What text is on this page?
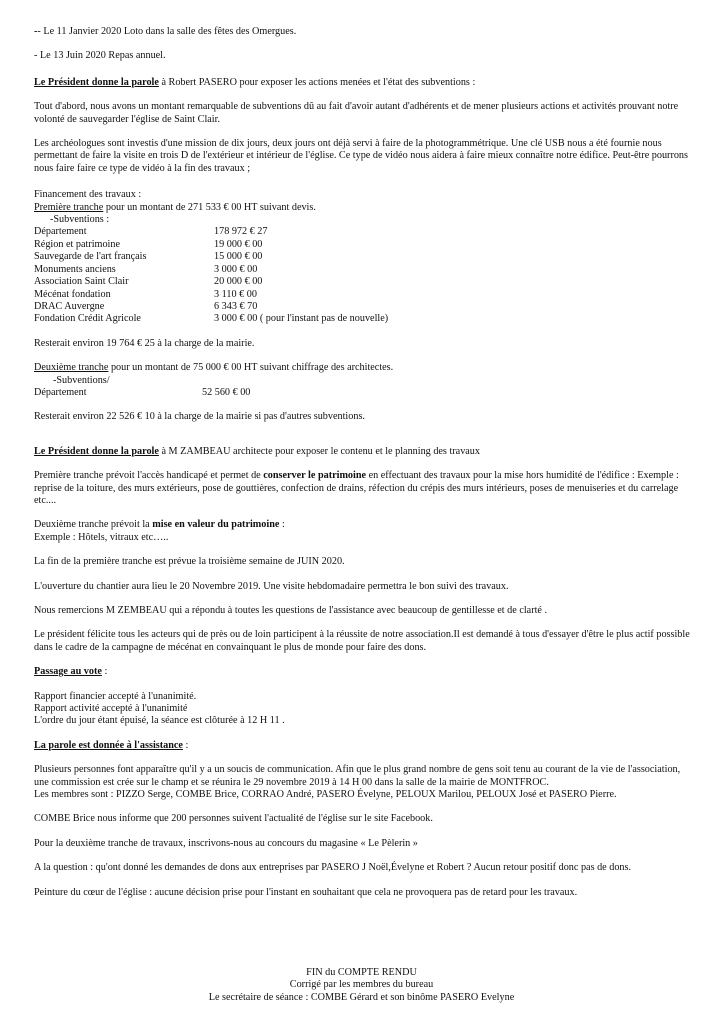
-- Le 11 Janvier 2020 Loto dans la salle des fêtes des Omergues.

- Le 13 Juin 2020 Repas annuel.

Le Président donne la parole à Robert PASERO pour exposer les actions menées et l'état des subventions :

Tout d'abord, nous avons un montant remarquable de subventions dû au fait d'avoir autant d'adhérents et de mener plusieurs actions et activités prouvant notre volonté de sauvegarder l'église de Saint Clair.

Les archéologues sont investis d'une mission de dix jours, deux jours ont déjà servi à faire de la photogrammétrique. Une clé USB nous a été fournie nous permettant de faire la visite en trois D de l'extérieur et intérieur de l'église. Ce type de vidéo nous aidera à faire mieux connaître notre édifice. Peut-être pourrons nous faire faire ce type de vidéo à la fin des travaux ;

Financement des travaux :

Première tranche pour un montant de 271 533 € 00 HT suivant devis.

-Subventions :

Département	178 972 € 27
Région et patrimoine	19 000 € 00
Sauvegarde de l'art français	15 000 € 00
Monuments anciens	3 000 € 00
Association Saint Clair	20 000 € 00
Mécénat fondation	3 110 € 00
DRAC Auvergne	6 343 € 70
Fondation Crédit Agricole	3 000 € 00 ( pour l'instant pas de nouvelle)

Resterait environ 19 764 € 25 à la charge de la mairie.

Deuxième tranche pour un montant de 75 000 € 00 HT suivant chiffrage des architectes.

-Subventions/

Département	52 560 € 00

Resterait environ 22 526 € 10 à la charge de la mairie si pas d'autres subventions.

Le Président donne la parole à M ZAMBEAU architecte pour exposer le contenu et le planning des travaux

Première tranche prévoit l'accès handicapé et permet de conserver le patrimoine en effectuant des travaux pour la mise hors humidité de l'édifice : Exemple : reprise de la toiture, des murs extérieurs, pose de gouttières, confection de drains, réfection du crépis des murs intérieurs, poses de menuiseries et du carrelage etc....

Deuxième tranche prévoit la mise en valeur du patrimoine :

Exemple : Hôtels, vitraux etc…..

La fin de la première tranche est prévue la troisième semaine de JUIN 2020.

L'ouverture du chantier aura lieu le 20 Novembre 2019. Une visite hebdomadaire permettra le bon suivi des travaux.

Nous remercions M ZEMBEAU qui a répondu à toutes les questions de l'assistance avec beaucoup de gentillesse et de clarté .

Le président félicite tous les acteurs qui de près ou de loin participent à la réussite de notre association.Il est demandé à tous d'essayer d'être le plus actif possible dans le cadre de la campagne de mécénat en convainquant le plus de monde pour faire des dons.

Passage au vote :

Rapport financier accepté à l'unanimité.

Rapport activité accepté à l'unanimité

L'ordre du jour étant épuisé, la séance est clôturée à 12 H 11 .

La parole est donnée à l'assistance :

Plusieurs personnes font apparaître qu'il y a un soucis de communication. Afin que le plus grand nombre de gens soit tenu au courant de la vie de l'association, une commission est crée sur le champ et se réunira le 29 novembre 2019 à 14 H 00 dans la salle de la mairie de MONTFROC.

Les membres sont : PIZZO Serge, COMBE Brice, CORRAO André, PASERO Évelyne, PELOUX Marilou, PELOUX José et PASERO Pierre.

COMBE Brice nous informe que 200 personnes suivent l'actualité de l'église sur le site Facebook.

Pour la deuxième tranche de travaux, inscrivons-nous au concours du magasine « Le Pèlerin »

A la question : qu'ont donné les demandes de dons aux entreprises par PASERO J Noël,Évelyne et Robert ? Aucun retour positif donc pas de dons.

Peinture du cœur de l'église : aucune décision prise pour l'instant en souhaitant que cela ne provoquera pas de retard pour les travaux.

FIN du COMPTE RENDU

Corrigé par les membres du bureau

Le secrétaire de séance : COMBE Gérard et son binôme PASERO Evelyne
